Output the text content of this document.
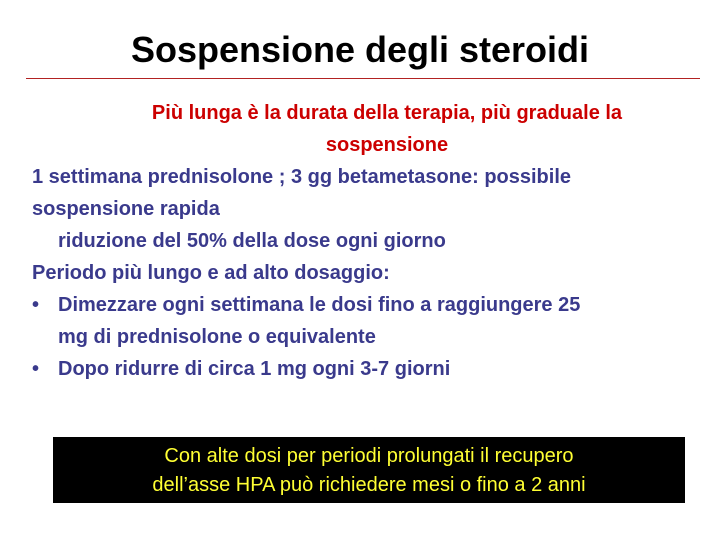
Sospensione degli steroidi
Più lunga è la durata della terapia, più graduale la
sospensione
1 settimana prednisolone ; 3 gg betametasone: possibile
sospensione rapida
riduzione del 50% della dose ogni giorno
Periodo più lungo e ad alto dosaggio:
• Dimezzare ogni settimana le dosi fino a raggiungere 25
mg di prednisolone o equivalente
• Dopo ridurre di circa 1 mg ogni 3-7 giorni
Con alte dosi per periodi prolungati il recupero
dell’asse HPA può richiedere mesi o fino a 2 anni
